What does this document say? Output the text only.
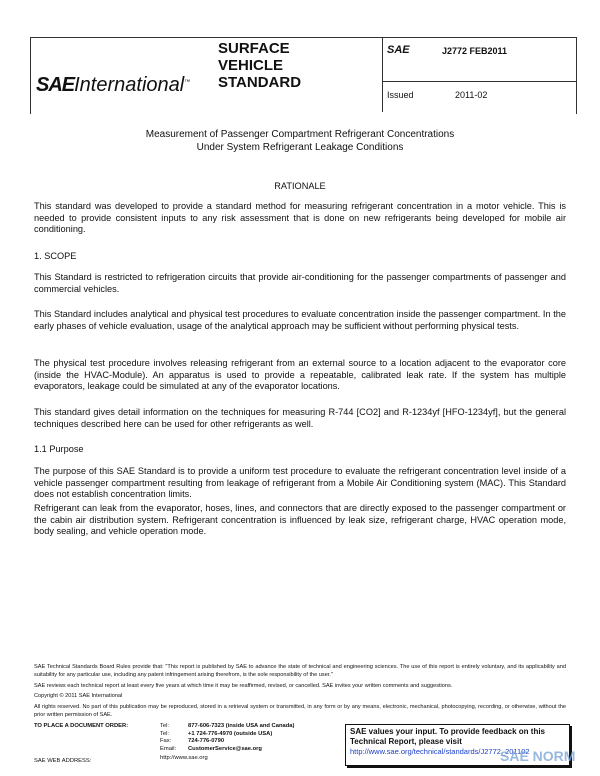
SAEInternational™
SURFACE
VEHICLE
STANDARD
SAE	J2772 FEB2011
Issued	2011-02
Measurement of Passenger Compartment Refrigerant Concentrations
Under System Refrigerant Leakage Conditions
RATIONALE
This standard was developed to provide a standard method for measuring refrigerant concentration in a motor vehicle. This is needed to provide consistent inputs to any risk assessment that is done on new refrigerants being developed for mobile air conditioning.
1. SCOPE
This Standard is restricted to refrigeration circuits that provide air-conditioning for the passenger compartments of passenger and commercial vehicles.
This Standard includes analytical and physical test procedures to evaluate concentration inside the passenger compartment. In the early phases of vehicle evaluation, usage of the analytical approach may be sufficient without performing physical tests.
The physical test procedure involves releasing refrigerant from an external source to a location adjacent to the evaporator core (inside the HVAC-Module). An apparatus is used to provide a repeatable, calibrated leak rate. If the system has multiple evaporators, leakage could be simulated at any of the evaporator locations.
This standard gives detail information on the techniques for measuring R-744 [CO2] and R-1234yf [HFO-1234yf], but the general techniques described here can be used for other refrigerants as well.
1.1 Purpose
The purpose of this SAE Standard is to provide a uniform test procedure to evaluate the refrigerant concentration level inside of a vehicle passenger compartment resulting from leakage of refrigerant from a Mobile Air Conditioning system (MAC). This Standard does not establish concentration limits.
Refrigerant can leak from the evaporator, hoses, lines, and connectors that are directly exposed to the passenger compartment or the cabin air distribution system. Refrigerant concentration is influenced by leak size, refrigerant charge, HVAC operation mode, body sealing, and vehicle operation mode.
SAE Technical Standards Board Rules provide that: "This report is published by SAE to advance the state of technical and engineering sciences. The use of this report is entirely voluntary, and its applicability and suitability for any particular use, including any patent infringement arising therefrom, is the sole responsibility of the user."
SAE reviews each technical report at least every five years at which time it may be reaffirmed, revised, or cancelled. SAE invites your written comments and suggestions.
Copyright © 2011 SAE International
All rights reserved. No part of this publication may be reproduced, stored in a retrieval system or transmitted, in any form or by any means, electronic, mechanical, photocopying, recording, or otherwise, without the prior written permission of SAE.
TO PLACE A DOCUMENT ORDER:	Tel:	877-606-7323 (inside USA and Canada)
Tel:	+1 724-776-4970 (outside USA)
Fax:	724-776-0790
Email: CustomerService@sae.org
http://www.sae.org
SAE WEB ADDRESS:
SAE values your input. To provide feedback on this Technical Report, please visit
http://www.sae.org/technical/standards/J2772_201102
SAE NORM
